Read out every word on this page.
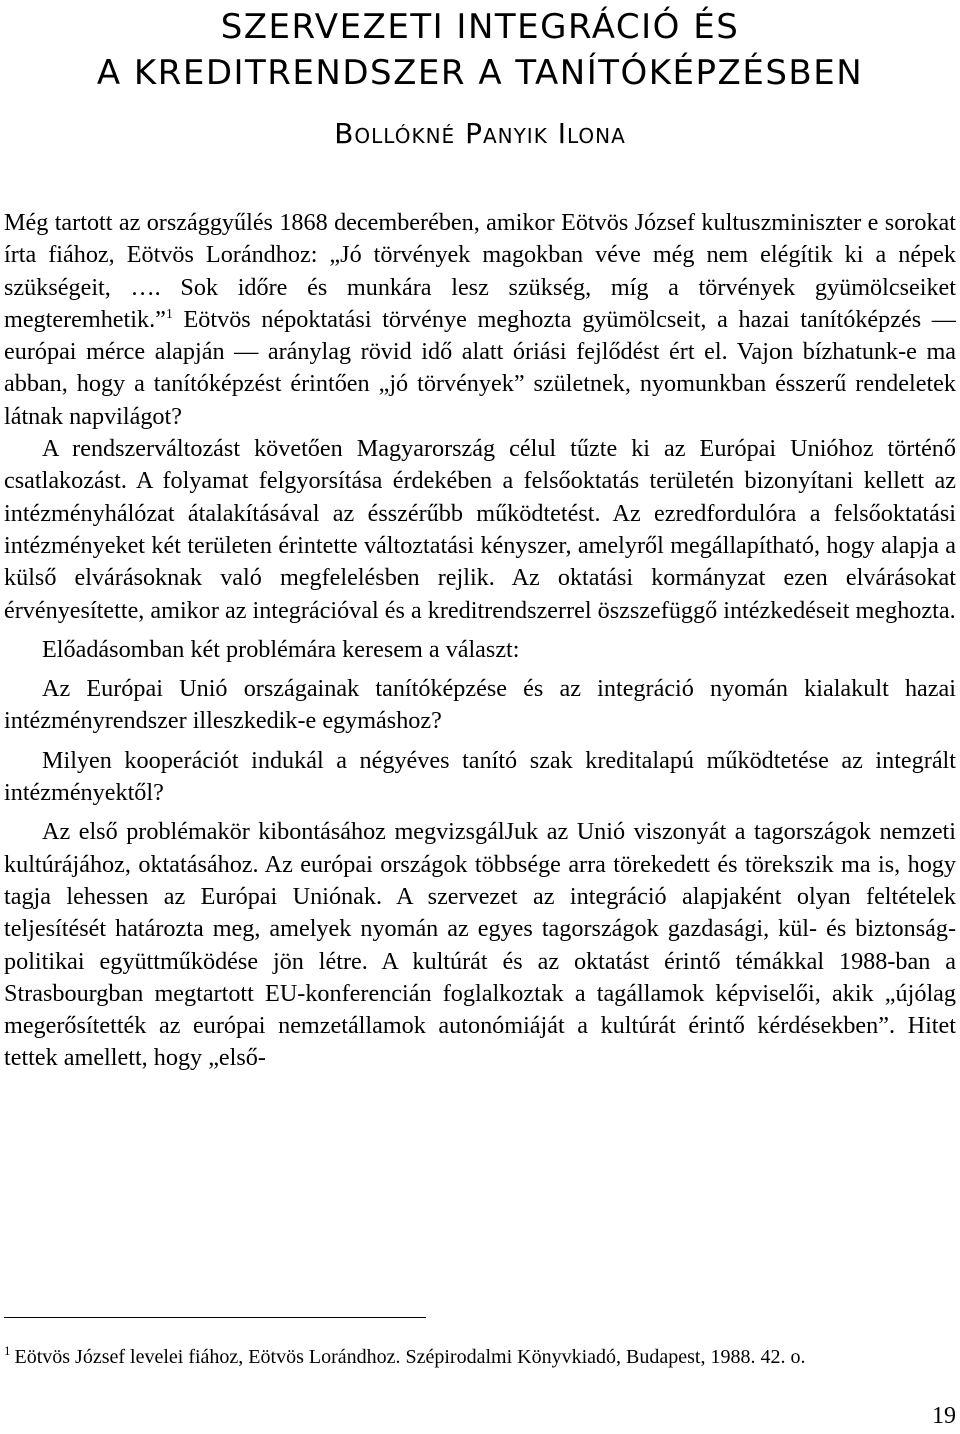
SZERVEZETI INTEGRÁCIÓ ÉS
A KREDITRENDSZER A TANÍTÓKÉPZÉSBEN
Bollókné Panyik Ilona

Még tartott az országgyűlés 1868 decemberében, amikor Eötvös József kultuszminiszter e sorokat írta fiához, Eötvös Lorándhoz: „Jó törvények magokban véve még nem elégítik ki a népek szükségeit, …. Sok időre és munkára lesz szükség, míg a törvények gyümölcseiket megteremhetik.”$^1$ Eötvös népoktatási törvénye meghozta gyümölcseit, a hazai tanítóképzés — európai mérce alapján — aránylag rövid idő alatt óriási fejlődést ért el. Vajon bízhatunk-e ma abban, hogy a tanítóképzést érintően „jó törvények” születnek, nyomunkban ésszerű rendeletek látnak napvilágot?

A rendszerváltozást követően Magyarország célul tűzte ki az Európai Unióhoz történő csatlakozást. A folyamat felgyorsítása érdekében a felsőoktatás területén bizonyítani kellett az intézményhálózat átalakításával az ésszérűbb működtetést. Az ezredfordulóra a felsőoktatási intézményeket két területen érintette változtatási kényszer, amelyről megállapítható, hogy alapja a külső elvárásoknak való megfelelésben rejlik. Az oktatási kormányzat ezen elvárásokat érvényesítette, amikor az integrációval és a kreditrendszerrel öszszefüggő intézkedéseit meghozta.

Előadásomban két problémára keresem a választ:

Az Európai Unió országainak tanítóképzése és az integráció nyomán kialakult hazai intézményrendszer illeszkedik-e egymáshoz?

Milyen kooperációt indukál a négyéves tanító szak kreditalapú működtetése az integrált intézményektől?

Az első problémakör kibontásához megvizsgálJuk az Unió viszonyát a tagországok nemzeti kultúrájához, oktatásához. Az európai országok többsége arra törekedett és törekszik ma is, hogy tagja lehessen az Európai Uniónak. A szervezet az integráció alapjaként olyan feltételek teljesítését határozta meg, amelyek nyomán az egyes tagországok gazdasági, kül- és biztonságpolitikai együttműködése jön létre. A kultúrát és az oktatást érintő témákkal 1988-ban a Strasbourgban megtartott EU-konferencián foglalkoztak a tagállamok képviselői, akik „újólag megerősítették az európai nemzetállamok autonómiáját a kultúrát érintő kérdésekben”. Hitet tettek amellett, hogy „első-

$^1$ Eötvös József levelei fiához, Eötvös Lorándhoz. Szépirodalmi Könyvkiadó, Budapest, 1988. 42. o.
19
